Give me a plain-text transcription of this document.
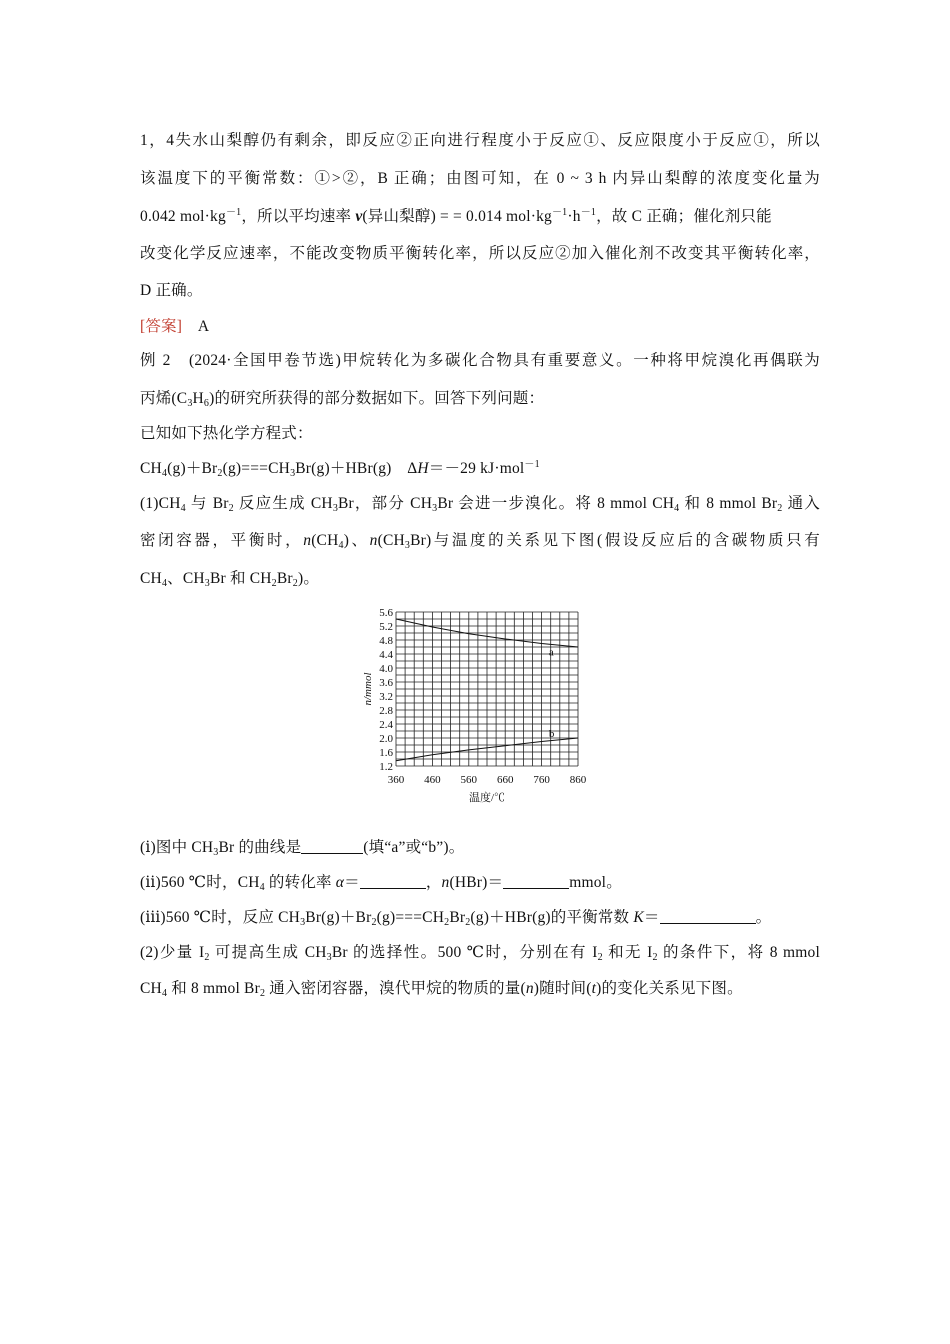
1，4失水山梨醇仍有剩余，即反应②正向进行程度小于反应①、反应限度小于反应①，所以
该温度下的平衡常数：①>②，B 正确；由图可知，在 0 ~ 3 h 内异山梨醇的浓度变化量为
0.042 $mol\cdot kg^{-1}$，所以平均速率 v(异山梨醇) = = 0.014 $mol\cdot kg^{-1}\cdot h^{-1}$，故 C 正确；催化剂只能
改变化学反应速率，不能改变物质平衡转化率，所以反应②加入催化剂不改变其平衡转化率，
D 正确。
[答案]　 A
例 2　(2024·全国甲卷节选)甲烷转化为多碳化合物具有重要意义。一种将甲烷溴化再偶联为
丙烯$(C_3H_6)$的研究所获得的部分数据如下。回答下列问题：
已知如下热化学方程式：
$CH_4(g)+Br_2(g)===CH_3Br(g)+HBr(g)$　ΔH＝－29 kJ·mol$^{-1}$
$(1)CH_4$ 与 $Br_2$ 反应生成 $CH_3Br$，部分 $CH_3Br$ 会进一步溴化。将 8 mmol $CH_4$ 和 8 mmol $Br_2$ 通入
密闭容器，平衡时，$n(CH_4)$、$n(CH_3Br)$与温度的关系见下图(假设反应后的含碳物质只有
$CH_4$、$CH_3Br$ 和 $CH_2Br_2$)。
(ⅰ)图中 $CH_3Br$ 的曲线是	(填“a”或“b”)。
(ⅱ)560 ℃时，$CH_4$ 的转化率 α＝	，n(HBr)＝	mmol。
(ⅲ)560 ℃时，反应 $CH_3Br(g)+Br_2(g)===CH_2Br_2(g)+HBr(g)$的平衡常数 K＝	。
(2)少量 $I_2$ 可提高生成 $CH_3Br$ 的选择性。500 ℃时，分别在有 $I_2$ 和无 $I_2$ 的条件下，将 8 mmol
$CH_4$ 和 8 mmol $Br_2$ 通入密闭容器，溴代甲烷的物质的量(n)随时间(t)的变化关系见下图。
1.2
1.6
2.0
2.4
2.8
3.2
3.6
4.0
4.4
4.8
5.2
5.6
360 460 560 660 760 860
温度/℃
n/mmol
a
b
